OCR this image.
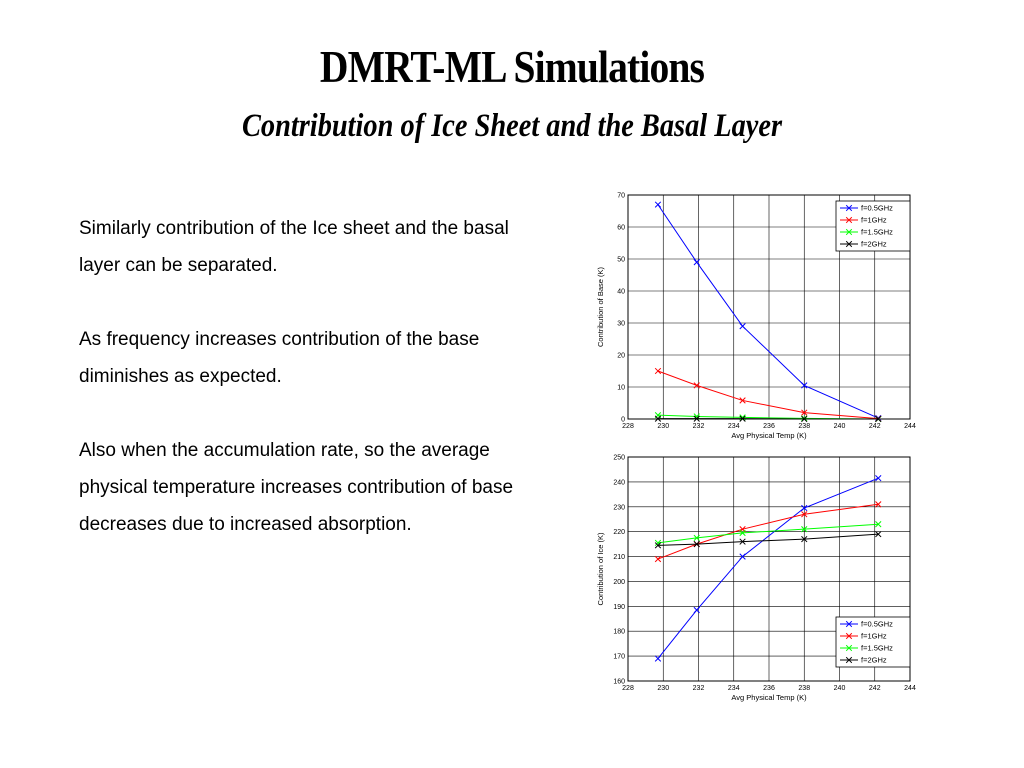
DMRT-ML Simulations
Contribution of Ice Sheet and the Basal Layer

Similarly contribution of the Ice sheet and the basal layer can be separated.

As frequency increases contribution of the base diminishes as expected.

Also when the accumulation rate, so the average physical temperature increases contribution of base decreases due to increased absorption.

228	230	232	234	236	238	240	242	244
0
10
20
30
40
50
60
70
Avg Physical Temp (K)
Contribution of Base (K)
f=0.5GHz
f=1GHz
f=1.5GHz
f=2GHz
228	230	232	234	236	238	240	242	244
160
170
180
190
200
210
220
230
240
250
Avg Physical Temp (K)
Contribution of Ice (K)
f=0.5GHz
f=1GHz
f=1.5GHz
f=2GHz
